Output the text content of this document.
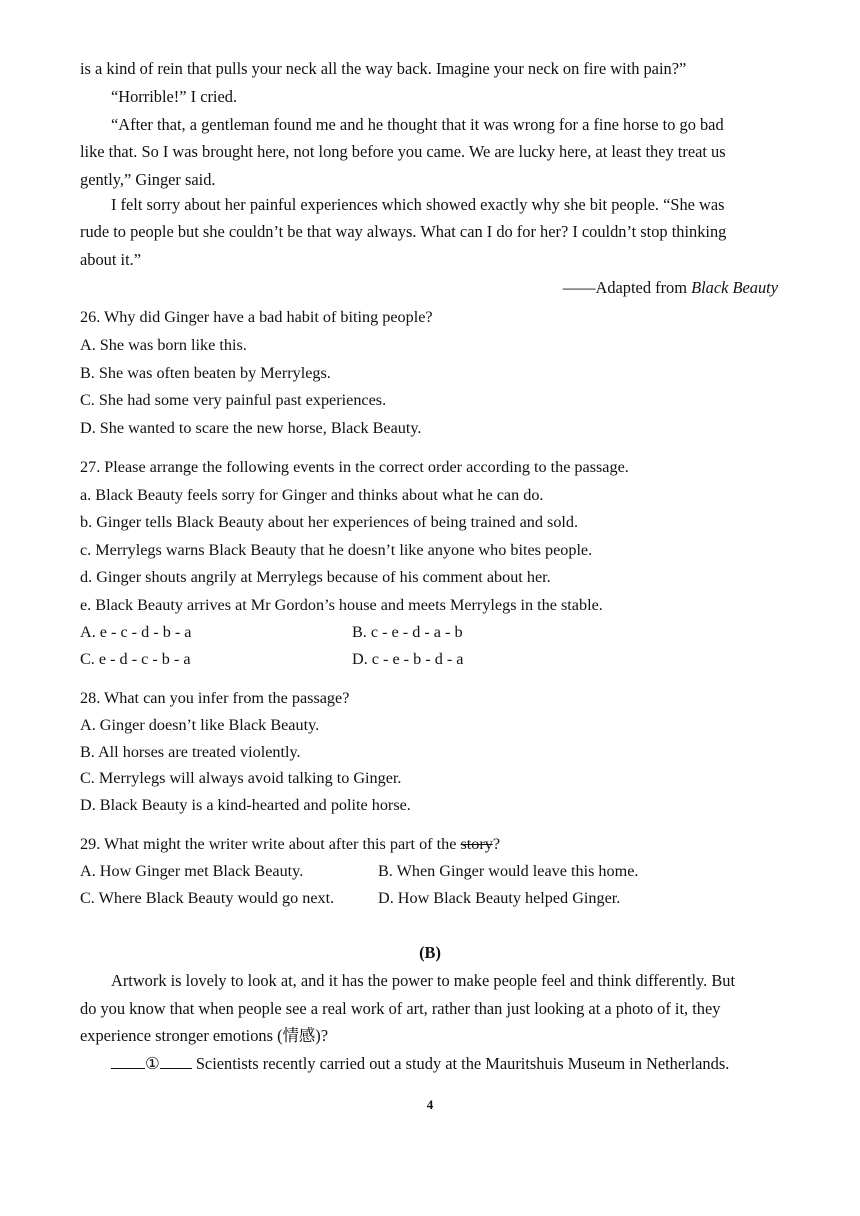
is a kind of rein that pulls your neck all the way back. Imagine your neck on fire with pain?”
“Horrible!” I cried.
“After that, a gentleman found me and he thought that it was wrong for a fine horse to go bad
like that. So I was brought here, not long before you came. We are lucky here, at least they treat us
gently,” Ginger said.
I felt sorry about her painful experiences which showed exactly why she bit people. “She was
rude to people but she couldn’t be that way always. What can I do for her? I couldn’t stop thinking
about it.”
——Adapted from Black Beauty
26. Why did Ginger have a bad habit of biting people?
A. She was born like this.
B. She was often beaten by Merrylegs.
C. She had some very painful past experiences.
D. She wanted to scare the new horse, Black Beauty.
27. Please arrange the following events in the correct order according to the passage.
a. Black Beauty feels sorry for Ginger and thinks about what he can do.
b. Ginger tells Black Beauty about her experiences of being trained and sold.
c. Merrylegs warns Black Beauty that he doesn’t like anyone who bites people.
d. Ginger shouts angrily at Merrylegs because of his comment about her.
e. Black Beauty arrives at Mr Gordon’s house and meets Merrylegs in the stable.
A. e - c - d - b - a	B. c - e - d - a - b
C. e - d - c - b - a	D. c - e - b - d - a
28. What can you infer from the passage?
A. Ginger doesn’t like Black Beauty.
B. All horses are treated violently.
C. Merrylegs will always avoid talking to Ginger.
D. Black Beauty is a kind-hearted and polite horse.
29. What might the writer write about after this part of the story?
A. How Ginger met Black Beauty.	B. When Ginger would leave this home.
C. Where Black Beauty would go next.	D. How Black Beauty helped Ginger.
(B)
Artwork is lovely to look at, and it has the power to make people feel and think differently. But
do you know that when people see a real work of art, rather than just looking at a photo of it, they
experience stronger emotions (情感)?
① Scientists recently carried out a study at the Mauritshuis Museum in Netherlands.
4
